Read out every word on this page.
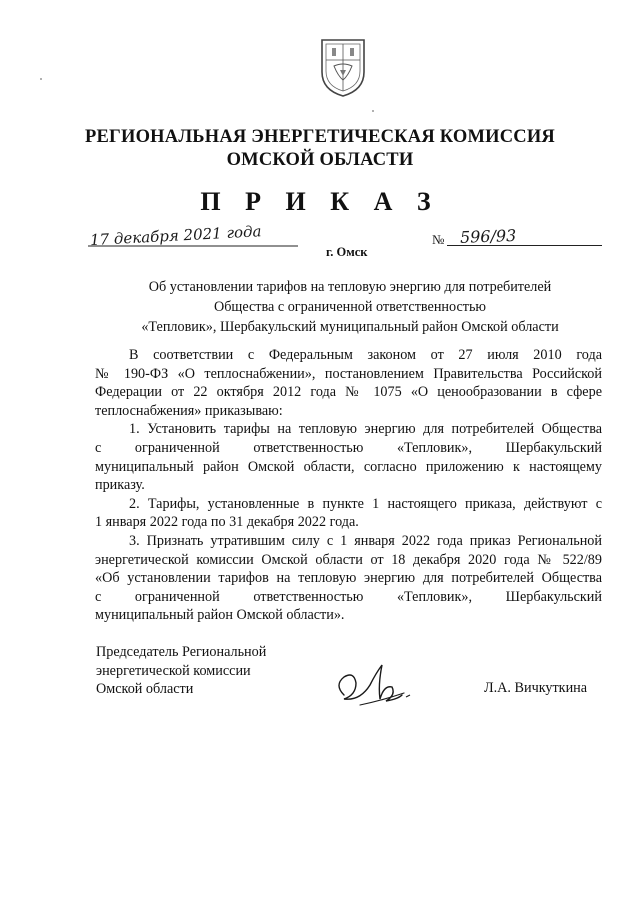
РЕГИОНАЛЬНАЯ ЭНЕРГЕТИЧЕСКАЯ КОМИССИЯ
ОМСКОЙ ОБЛАСТИ
П Р И К А З
17 декабря 2021 года
г. Омск
№ 596/93
Об установлении тарифов на тепловую энергию для потребителей
Общества с ограниченной ответственностью
«Тепловик», Шербакульский муниципальный район Омской области
В соответствии с Федеральным законом от 27 июля 2010 года
№ 190-ФЗ «О теплоснабжении», постановлением Правительства Российской
Федерации от 22 октября 2012 года № 1075 «О ценообразовании в сфере
теплоснабжения» приказываю:
1. Установить тарифы на тепловую энергию для потребителей Общества
с ограниченной ответственностью «Тепловик», Шербакульский
муниципальный район Омской области, согласно приложению к настоящему
приказу.
2. Тарифы, установленные в пункте 1 настоящего приказа, действуют с
1 января 2022 года по 31 декабря 2022 года.
3. Признать утратившим силу с 1 января 2022 года приказ Региональной
энергетической комиссии Омской области от 18 декабря 2020 года № 522/89
«Об установлении тарифов на тепловую энергию для потребителей Общества
с ограниченной ответственностью «Тепловик», Шербакульский
муниципальный район Омской области».
Председатель Региональной
энергетической комиссии
Омской области	Л.А. Вичкуткина
